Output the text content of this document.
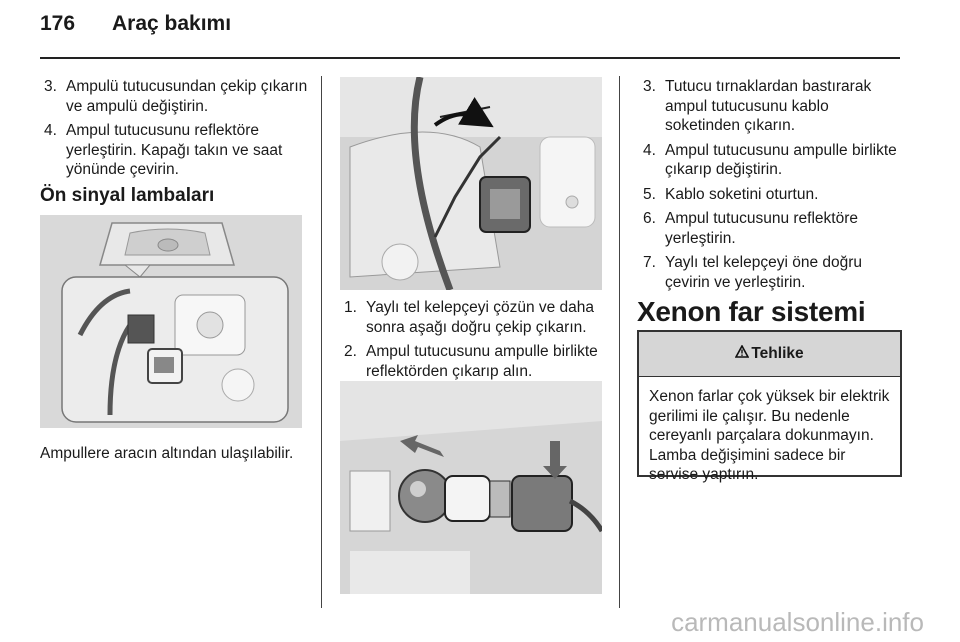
176 Araç bakımı
3. Ampulü tutucusundan çekip çıkarın ve ampulü değiştirin.
4. Ampul tutucusunu reflektöre yerleştirin. Kapağı takın ve saat yönünde çevirin.
Ön sinyal lambaları
Ampullere aracın altından ulaşılabilir.
1. Yaylı tel kelepçeyi çözün ve daha sonra aşağı doğru çekip çıkarın.
2. Ampul tutucusunu ampulle birlikte reflektörden çıkarıp alın.
3. Tutucu tırnaklardan bastırarak ampul tutucusunu kablo soketinden çıkarın.
4. Ampul tutucusunu ampulle birlikte çıkarıp değiştirin.
5. Kablo soketini oturtun.
6. Ampul tutucusunu reflektöre yerleştirin.
7. Yaylı tel kelepçeyi öne doğru çevirin ve yerleştirin.
Xenon far sistemi
Tehlike
Xenon farlar çok yüksek bir elektrik gerilimi ile çalışır. Bu nedenle cereyanlı parçalara dokunmayın. Lamba değişimini sadece bir servise yaptırın.
carmanualsonline.info
